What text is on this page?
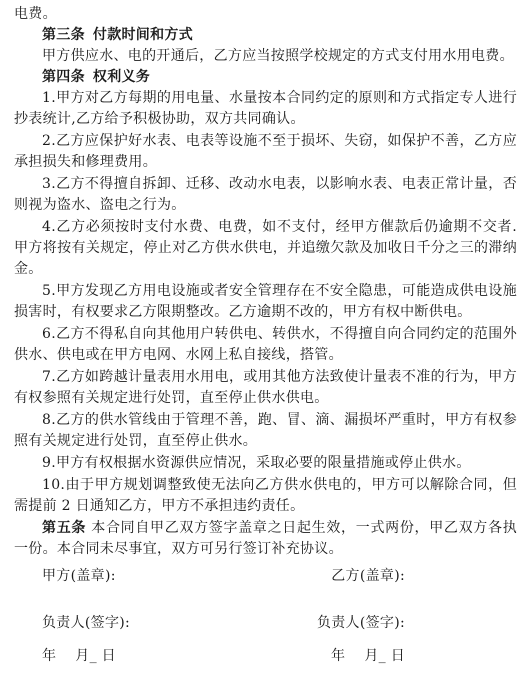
电费。

第三条 付款时间和方式

甲方供应水、电的开通后，乙方应当按照学校规定的方式支付用水用电费。

第四条 权利义务

1.甲方对乙方每期的用电量、水量按本合同约定的原则和方式指定专人进行抄表统计,乙方给予积极协助，双方共同确认。

2.乙方应保护好水表、电表等设施不至于损坏、失窃，如保护不善，乙方应承担损失和修理费用。

3.乙方不得擅自拆卸、迁移、改动水电表，以影响水表、电表正常计量，否则视为盗水、盗电之行为。

4.乙方必须按时支付水费、电费，如不支付，经甲方催款后仍逾期不交者.甲方将按有关规定，停止对乙方供水供电，并追缴欠款及加收日千分之三的滞纳金。

5.甲方发现乙方用电设施或者安全管理存在不安全隐患，可能造成供电设施损害时，有权要求乙方限期整改。乙方逾期不改的，甲方有权中断供电。

6.乙方不得私自向其他用户转供电、转供水，不得擅自向合同约定的范围外供水、供电或在甲方电网、水网上私自接线，搭管。

7.乙方如跨越计量表用水用电，或用其他方法致使计量表不准的行为，甲方有权参照有关规定进行处罚，直至停止供水供电。

8.乙方的供水管线由于管理不善，跑、冒、滴、漏损坏严重时，甲方有权参照有关规定进行处罚，直至停止供水。

9.甲方有权根据水资源供应情况，采取必要的限量措施或停止供水。

10.由于甲方规划调整致使无法向乙方供水供电的，甲方可以解除合同，但需提前 2 日通知乙方，甲方不承担违约责任。

第五条 本合同自甲乙双方签字盖章之日起生效，一式两份，甲乙双方各执一份。本合同未尽事宜，双方可另行签订补充协议。

甲方(盖章):	乙方(盖章):
负责人(签字):	负责人(签字):
年    月_ 日	年    月_ 日
